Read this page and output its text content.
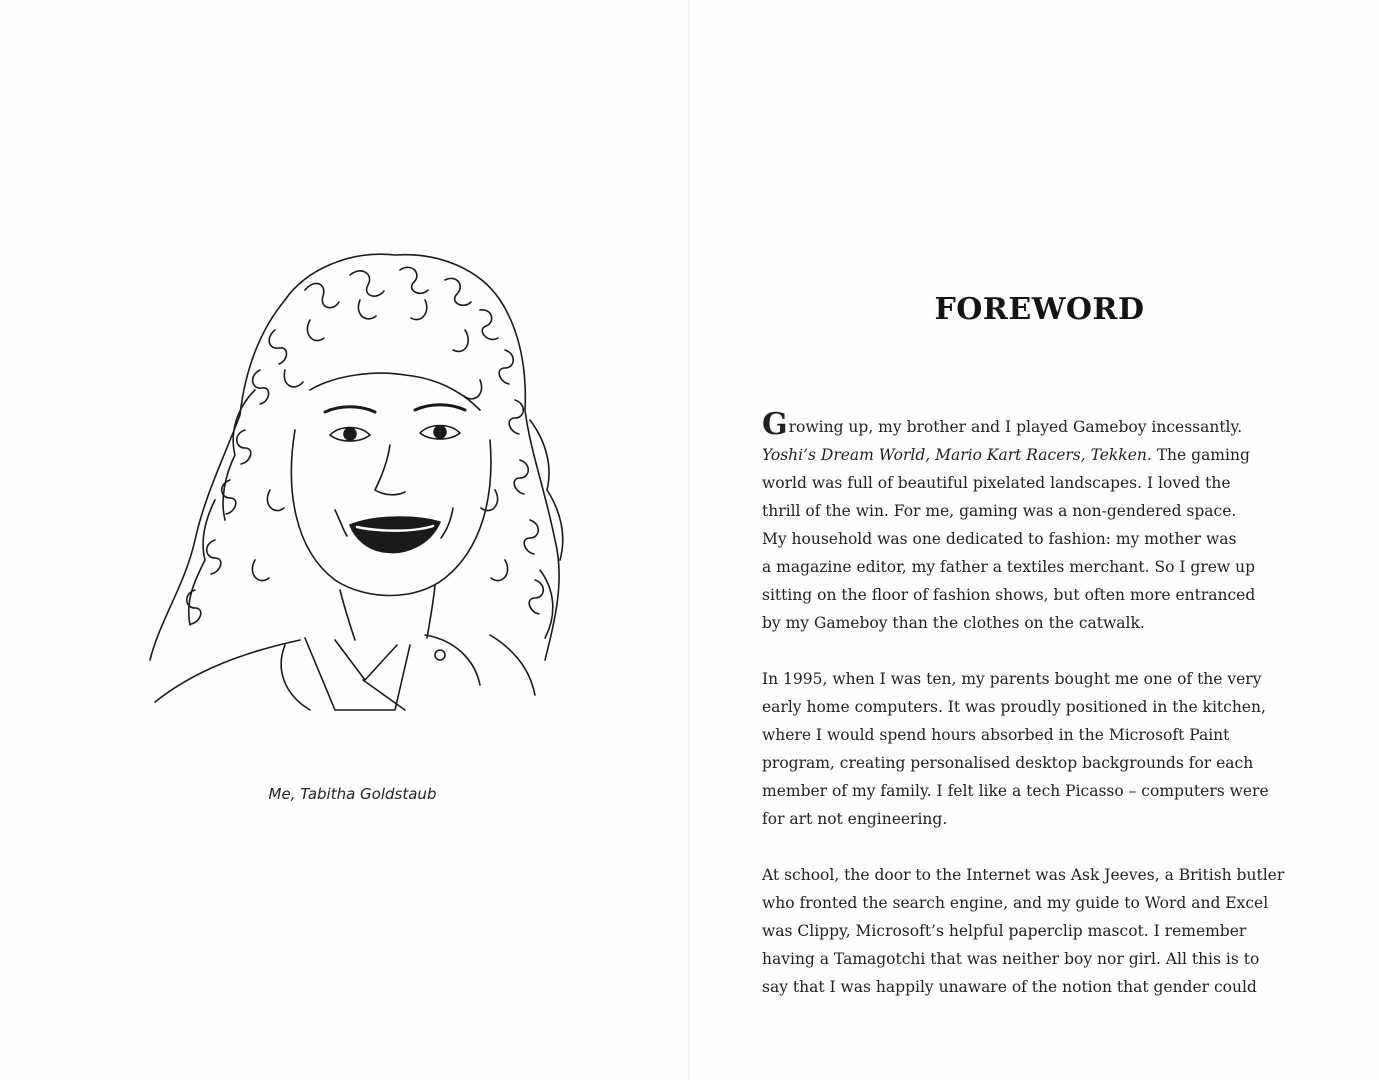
Me, Tabitha Goldstaub
FOREWORD

Growing up, my brother and I played Gameboy incessantly.
Yoshi’s Dream World, Mario Kart Racers, Tekken. The gaming
world was full of beautiful pixelated landscapes. I loved the
thrill of the win. For me, gaming was a non-gendered space.
My household was one dedicated to fashion: my mother was
a magazine editor, my father a textiles merchant. So I grew up
sitting on the floor of fashion shows, but often more entranced
by my Gameboy than the clothes on the catwalk.

In 1995, when I was ten, my parents bought me one of the very
early home computers. It was proudly positioned in the kitchen,
where I would spend hours absorbed in the Microsoft Paint
program, creating personalised desktop backgrounds for each
member of my family. I felt like a tech Picasso – computers were
for art not engineering.

At school, the door to the Internet was Ask Jeeves, a British butler
who fronted the search engine, and my guide to Word and Excel
was Clippy, Microsoft’s helpful paperclip mascot. I remember
having a Tamagotchi that was neither boy nor girl. All this is to
say that I was happily unaware of the notion that gender could
